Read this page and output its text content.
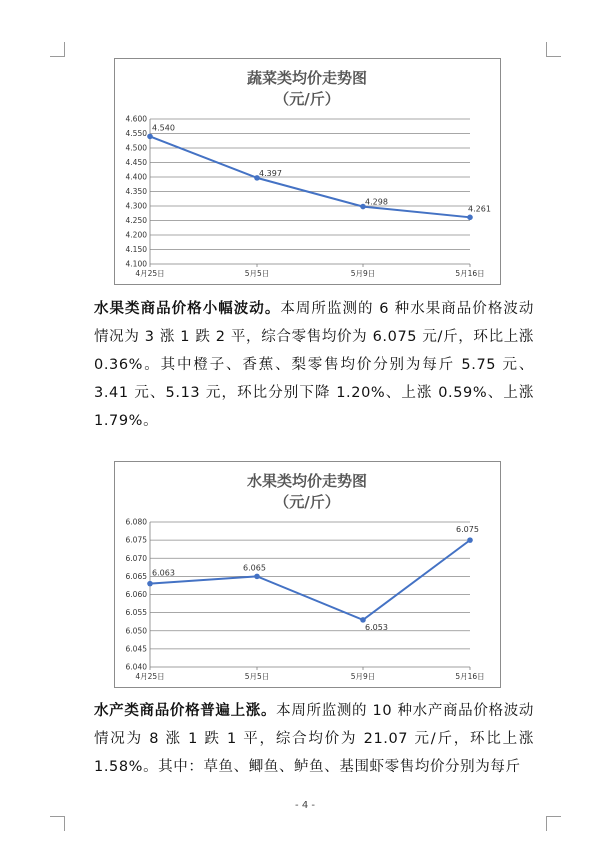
蔬菜类均价走势图
（元/斤）
4.600
4.550
4.500
4.450
4.400
4.350
4.300
4.250
4.200
4.150
4.100
4月25日	5月5日	5月9日	5月16日
4.540
4.397
4.298
4.261

水果类商品价格小幅波动。本周所监测的 6 种水果商品价格波动情况为 3 涨 1 跌 2 平，综合零售均价为 6.075 元/斤，环比上涨 0.36%。其中橙子、香蕉、梨零售均价分别为每斤 5.75 元、3.41 元、5.13 元，环比分别下降 1.20%、上涨 0.59%、上涨 1.79%。

水果类均价走势图
（元/斤）
6.080
6.075
6.070
6.065
6.060
6.055
6.050
6.045
6.040
4月25日	5月5日	5月9日	5月16日
6.063
6.065
6.053
6.075

水产类商品价格普遍上涨。本周所监测的 10 种水产商品价格波动情况为 8 涨 1 跌 1 平，综合均价为 21.07 元/斤，环比上涨 1.58%。其中：草鱼、鲫鱼、鲈鱼、基围虾零售均价分别为每斤

- 4 -
